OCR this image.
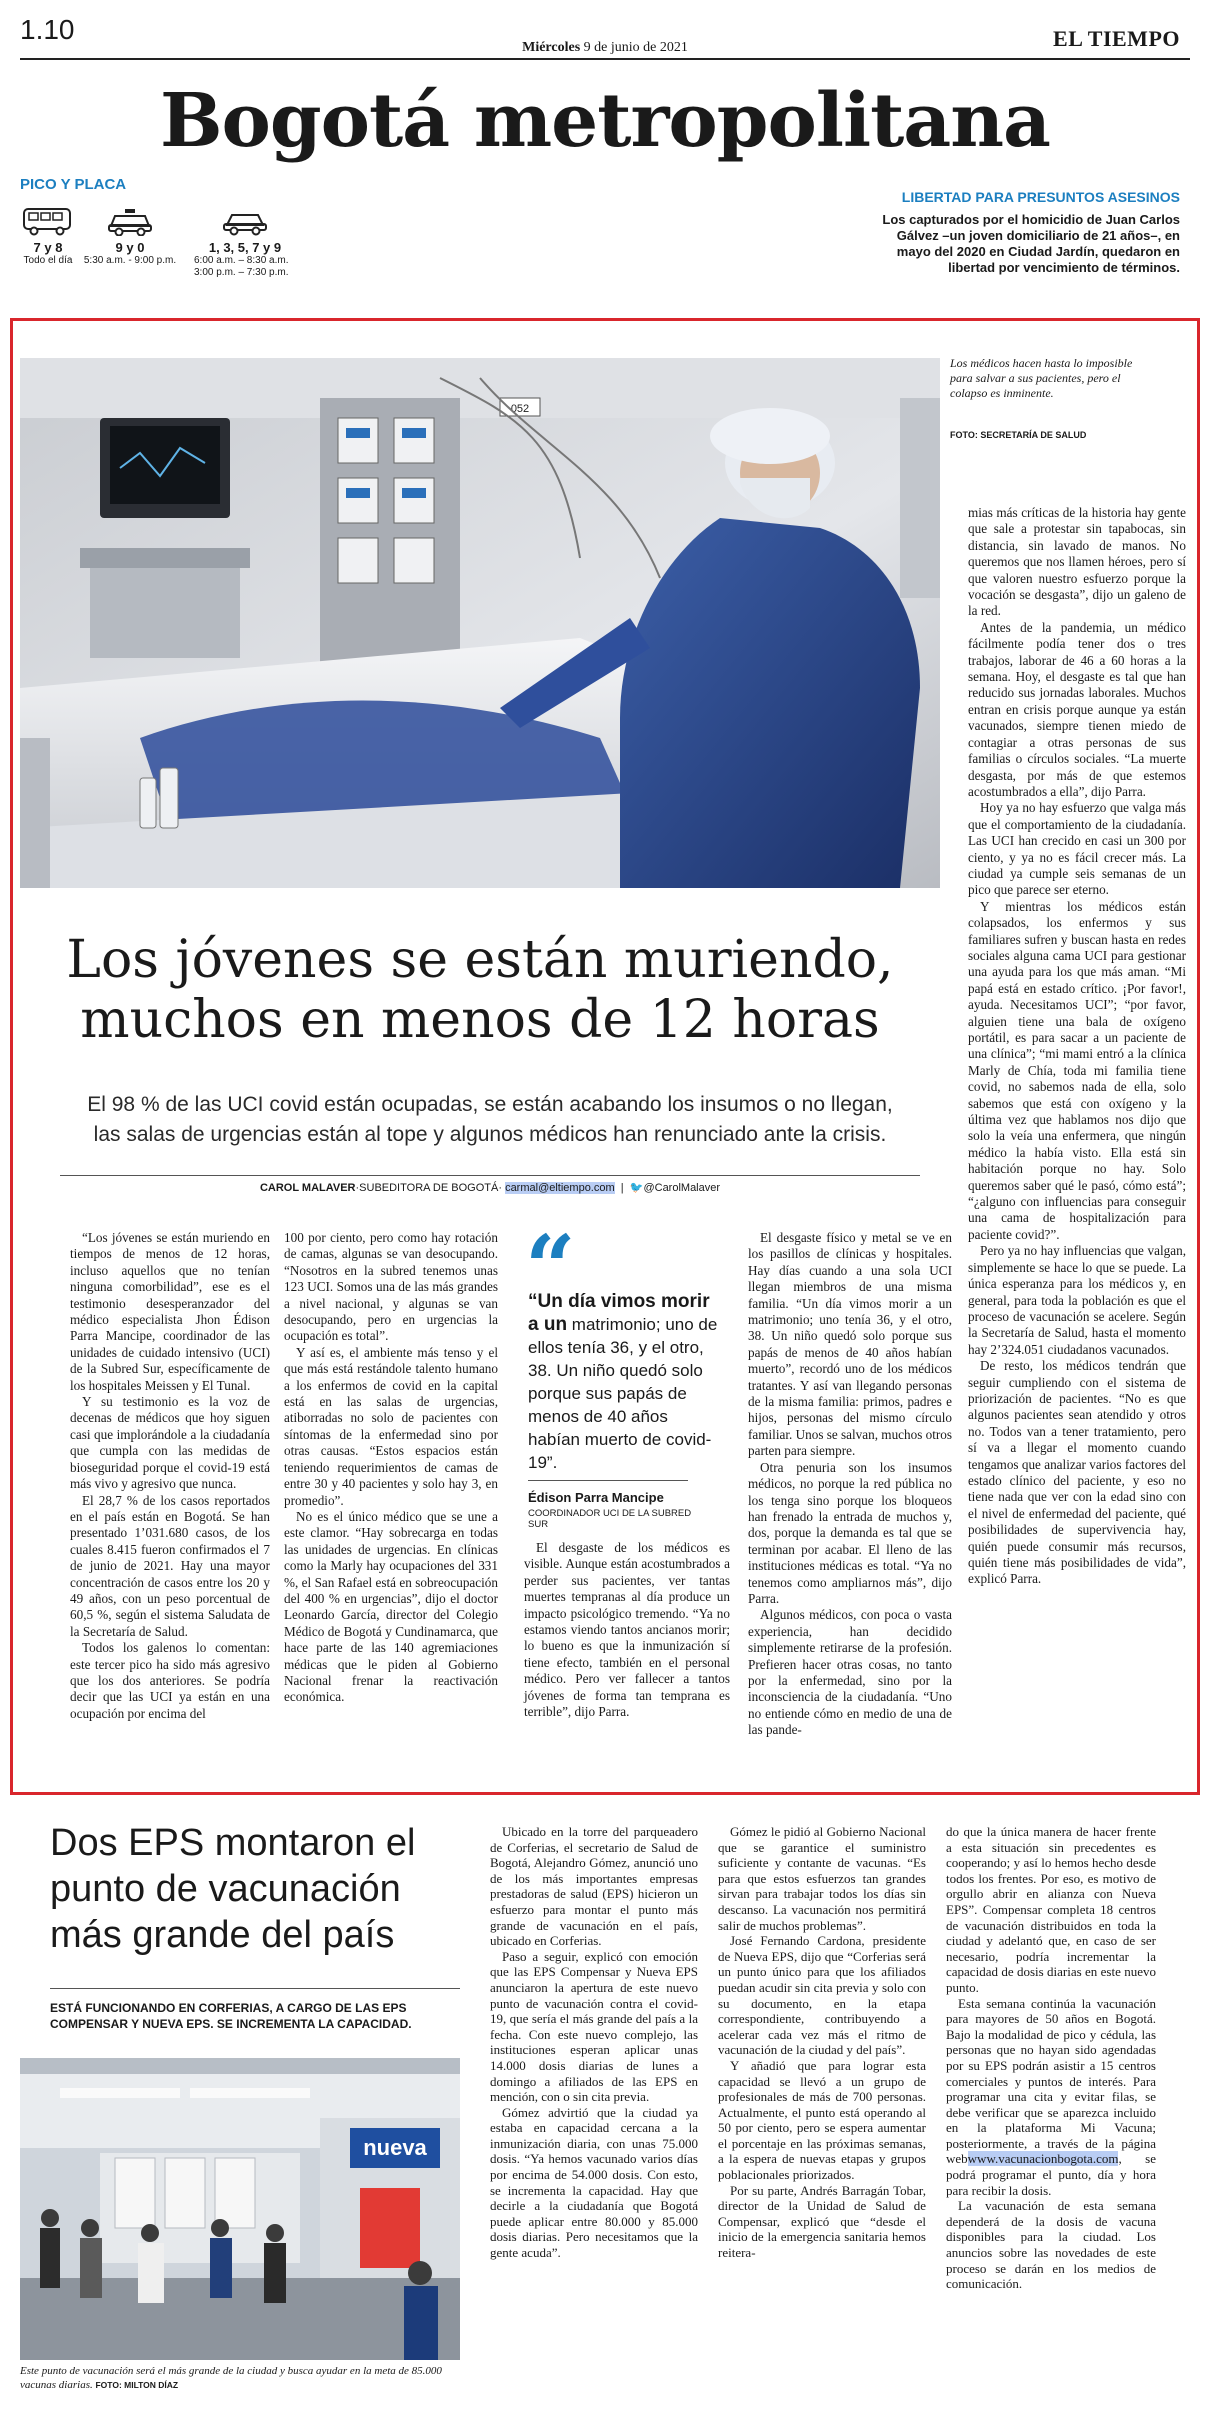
1.10
Miércoles 9 de junio de 2021	EL TIEMPO
Bogotá metropolitana
PICO Y PLACA
7 y 8
Todo el día
9 y 0
5:30 a.m. - 9:00 p.m.
1, 3, 5, 7 y 9
6:00 a.m. – 8:30 a.m.
3:00 p.m. – 7:30 p.m.
LIBERTAD PARA PRESUNTOS ASESINOS
Los capturados por el homicidio de Juan Carlos Gálvez –un joven domiciliario de 21 años–, en mayo del 2020 en Ciudad Jardín, quedaron en libertad por vencimiento de términos.
052
Los médicos hacen hasta lo imposible para salvar a sus pacientes, pero el colapso es inminente.
FOTO: SECRETARÍA DE SALUD
Los jóvenes se están muriendo,
muchos en menos de 12 horas
El 98 % de las UCI covid están ocupadas, se están acabando los insumos o no llegan,
las salas de urgencias están al tope y algunos médicos han renunciado ante la crisis.
CAROL MALAVER·SUBEDITORA DE BOGOTÁ· carmal@eltiempo.com  |  🐦@CarolMalaver

“Los jóvenes se están muriendo en tiempos de menos de 12 horas, incluso aquellos que no tenían ninguna comorbilidad”, ese es el testimonio desesperanzador del médico especialista Jhon Édison Parra Mancipe, coordinador de las unidades de cuidado intensivo (UCI) de la Subred Sur, específicamente de los hospitales Meissen y El Tunal.

Y su testimonio es la voz de decenas de médicos que hoy siguen casi que implorándole a la ciudadanía que cumpla con las medidas de bioseguridad porque el covid-19 está más vivo y agresivo que nunca.

El 28,7 % de los casos reportados en el país están en Bogotá. Se han presentado 1’031.680 casos, de los cuales 8.415 fueron confirmados el 7 de junio de 2021. Hay una mayor concentración de casos entre los 20 y 49 años, con un peso porcentual de 60,5 %, según el sistema Saludata de la Secretaría de Salud.

Todos los galenos lo comentan: este tercer pico ha sido más agresivo que los dos anteriores. Se podría decir que las UCI ya están en una ocupación por encima del

100 por ciento, pero como hay rotación de camas, algunas se van desocupando. “Nosotros en la subred tenemos unas 123 UCI. Somos una de las más grandes a nivel nacional, y algunas se van desocupando, pero en urgencias la ocupación es total”.

Y así es, el ambiente más tenso y el que más está restándole talento humano a los enfermos de covid en la capital está en las salas de urgencias, atiborradas no solo de pacientes con síntomas de la enfermedad sino por otras causas. “Estos espacios están teniendo requerimientos de camas de entre 30 y 40 pacientes y solo hay 3, en promedio”.

No es el único médico que se une a este clamor. “Hay sobrecarga en todas las unidades de urgencias. En clínicas como la Marly hay ocupaciones del 331 %, el San Rafael está en sobreocupación del 400 % en urgencias”, dijo el doctor Leonardo García, director del Colegio Médico de Bogotá y Cundinamarca, que hace parte de las 140 agremiaciones médicas que le piden al Gobierno Nacional frenar la reactivación económica.

“
“Un día vimos morir a un matrimonio; uno de ellos tenía 36, y el otro, 38. Un niño quedó solo porque sus papás de menos de 40 años habían muerto de covid-19”.
Édison Parra Mancipe
COORDINADOR UCI DE LA SUBRED SUR

El desgaste de los médicos es visible. Aunque están acostumbrados a perder sus pacientes, ver tantas muertes tempranas al día produce un impacto psicológico tremendo. “Ya no estamos viendo tantos ancianos morir; lo bueno es que la inmunización sí tiene efecto, también en el personal médico. Pero ver fallecer a tantos jóvenes de forma tan temprana es terrible”, dijo Parra.

El desgaste físico y metal se ve en los pasillos de clínicas y hospitales. Hay días cuando a una sola UCI llegan miembros de una misma familia. “Un día vimos morir a un matrimonio; uno tenía 36, y el otro, 38. Un niño quedó solo porque sus papás de menos de 40 años habían muerto”, recordó uno de los médicos tratantes. Y así van llegando personas de la misma familia: primos, padres e hijos, personas del mismo círculo familiar. Unos se salvan, muchos otros parten para siempre.

Otra penuria son los insumos médicos, no porque la red pública no los tenga sino porque los bloqueos han frenado la entrada de muchos y, dos, porque la demanda es tal que se terminan por acabar. El lleno de las instituciones médicas es total. “Ya no tenemos como ampliarnos más”, dijo Parra.

Algunos médicos, con poca o vasta experiencia, han decidido simplemente retirarse de la profesión. Prefieren hacer otras cosas, no tanto por la enfermedad, sino por la inconsciencia de la ciudadanía. “Uno no entiende cómo en medio de una de las pande-

mias más críticas de la historia hay gente que sale a protestar sin tapabocas, sin distancia, sin lavado de manos. No queremos que nos llamen héroes, pero sí que valoren nuestro esfuerzo porque la vocación se desgasta”, dijo un galeno de la red.

Antes de la pandemia, un médico fácilmente podía tener dos o tres trabajos, laborar de 46 a 60 horas a la semana. Hoy, el desgaste es tal que han reducido sus jornadas laborales. Muchos entran en crisis porque aunque ya están vacunados, siempre tienen miedo de contagiar a otras personas de sus familias o círculos sociales. “La muerte desgasta, por más de que estemos acostumbrados a ella”, dijo Parra.

Hoy ya no hay esfuerzo que valga más que el comportamiento de la ciudadanía. Las UCI han crecido en casi un 300 por ciento, y ya no es fácil crecer más. La ciudad ya cumple seis semanas de un pico que parece ser eterno.

Y mientras los médicos están colapsados, los enfermos y sus familiares sufren y buscan hasta en redes sociales alguna cama UCI para gestionar una ayuda para los que más aman. “Mi papá está en estado crítico. ¡Por favor!, ayuda. Necesitamos UCI”; “por favor, alguien tiene una bala de oxígeno portátil, es para sacar a un paciente de una clínica”; “mi mami entró a la clínica Marly de Chía, toda mi familia tiene covid, no sabemos nada de ella, solo sabemos que está con oxígeno y la última vez que hablamos nos dijo que solo la veía una enfermera, que ningún médico la había visto. Ella está sin habitación porque no hay. Solo queremos saber qué le pasó, cómo está”; “¿alguno con influencias para conseguir una cama de hospitalización para paciente covid?”.

Pero ya no hay influencias que valgan, simplemente se hace lo que se puede. La única esperanza para los médicos y, en general, para toda la población es que el proceso de vacunación se acelere. Según la Secretaría de Salud, hasta el momento hay 2’324.051 ciudadanos vacunados.

De resto, los médicos tendrán que seguir cumpliendo con el sistema de priorización de pacientes. “No es que algunos pacientes sean atendido y otros no. Todos van a tener tratamiento, pero sí va a llegar el momento cuando tengamos que analizar varios factores del estado clínico del paciente, y eso no tiene nada que ver con la edad sino con el nivel de enfermedad del paciente, qué posibilidades de supervivencia hay, quién puede consumir más recursos, quién tiene más posibilidades de vida”, explicó Parra.

Dos EPS montaron el punto de vacunación más grande del país
ESTÁ FUNCIONANDO EN CORFERIAS, A CARGO DE LAS EPS COMPENSAR Y NUEVA EPS. SE INCREMENTA LA CAPACIDAD.
nueva
Este punto de vacunación será el más grande de la ciudad y busca ayudar en la meta de 85.000 vacunas diarias. FOTO: MILTON DÍAZ

Ubicado en la torre del parqueadero de Corferias, el secretario de Salud de Bogotá, Alejandro Gómez, anunció uno de los más importantes empresas prestadoras de salud (EPS) hicieron un esfuerzo para montar el punto más grande de vacunación en el país, ubicado en Corferias.

Paso a seguir, explicó con emoción que las EPS Compensar y Nueva EPS anunciaron la apertura de este nuevo punto de vacunación contra el covid-19, que sería el más grande del país a la fecha. Con este nuevo complejo, las instituciones esperan aplicar unas 14.000 dosis diarias de lunes a domingo a afiliados de las EPS en mención, con o sin cita previa.

Gómez advirtió que la ciudad ya estaba en capacidad cercana a la inmunización diaria, con unas 75.000 dosis. “Ya hemos vacunado varios días por encima de 54.000 dosis. Con esto, se incrementa la capacidad. Hay que decirle a la ciudadanía que Bogotá puede aplicar entre 80.000 y 85.000 dosis diarias. Pero necesitamos que la gente acuda”.

Gómez le pidió al Gobierno Nacional que se garantice el suministro suficiente y contante de vacunas. “Es para que estos esfuerzos tan grandes sirvan para trabajar todos los días sin descanso. La vacunación nos permitirá salir de muchos problemas”.

José Fernando Cardona, presidente de Nueva EPS, dijo que “Corferias será un punto único para que los afiliados puedan acudir sin cita previa y solo con su documento, en la etapa correspondiente, contribuyendo a acelerar cada vez más el ritmo de vacunación de la ciudad y del país”.

Y añadió que para lograr esta capacidad se llevó a un grupo de profesionales de más de 700 personas. Actualmente, el punto está operando al 50 por ciento, pero se espera aumentar el porcentaje en las próximas semanas, a la espera de nuevas etapas y grupos poblacionales priorizados.

Por su parte, Andrés Barragán Tobar, director de la Unidad de Salud de Compensar, explicó que “desde el inicio de la emergencia sanitaria hemos reitera-

do que la única manera de hacer frente a esta situación sin precedentes es cooperando; y así lo hemos hecho desde todos los frentes. Por eso, es motivo de orgullo abrir en alianza con Nueva EPS”. Compensar completa 18 centros de vacunación distribuidos en toda la ciudad y adelantó que, en caso de ser necesario, podría incrementar la capacidad de dosis diarias en este nuevo punto.

Esta semana continúa la vacunación para mayores de 50 años en Bogotá. Bajo la modalidad de pico y cédula, las personas que no hayan sido agendadas por su EPS podrán asistir a 15 centros comerciales y puntos de interés. Para programar una cita y evitar filas, se debe verificar que se aparezca incluido en la plataforma Mi Vacuna; posteriormente, a través de la página webwww.vacunacionbogota.com, se podrá programar el punto, día y hora para recibir la dosis.

La vacunación de esta semana dependerá de la dosis de vacuna disponibles para la ciudad. Los anuncios sobre las novedades de este proceso se darán en los medios de comunicación.
